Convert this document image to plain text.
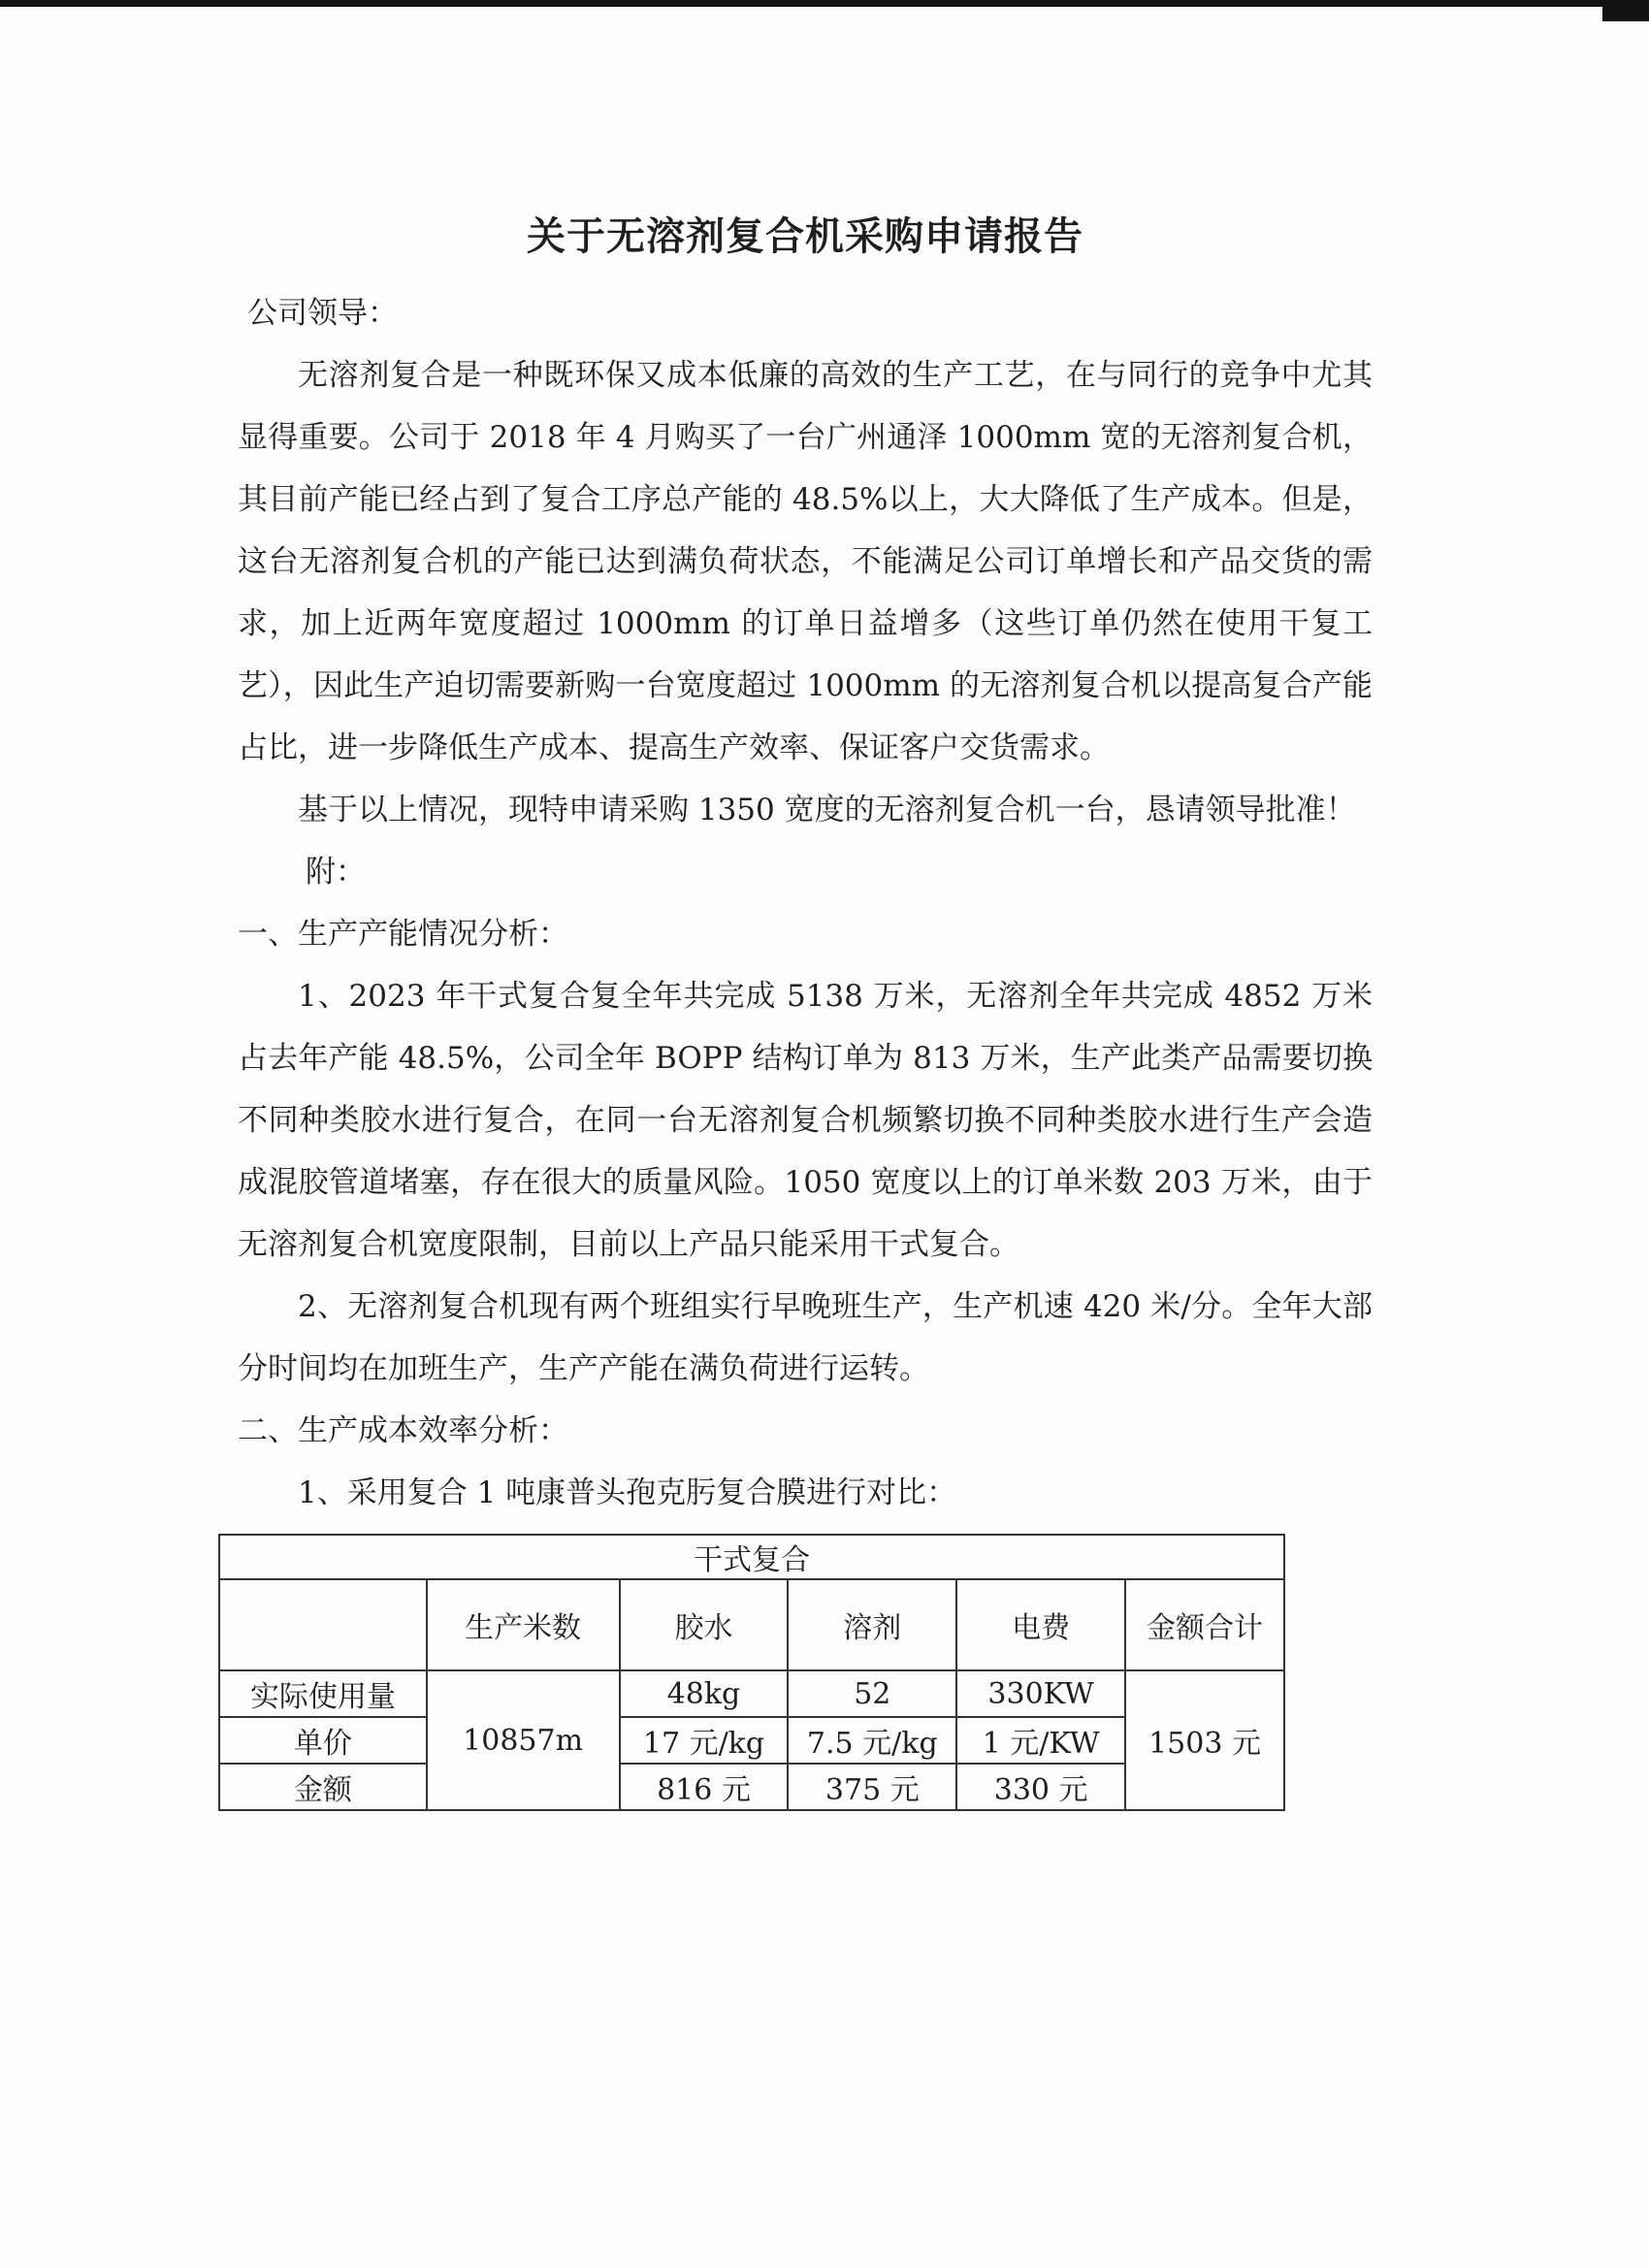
关于无溶剂复合机采购申请报告

公司领导：

无溶剂复合是一种既环保又成本低廉的高效的生产工艺，在与同行的竞争中尤其显得重要。公司于 2018 年 4 月购买了一台广州通泽 1000mm 宽的无溶剂复合机，其目前产能已经占到了复合工序总产能的 48.5%以上，大大降低了生产成本。但是，这台无溶剂复合机的产能已达到满负荷状态，不能满足公司订单增长和产品交货的需求，加上近两年宽度超过 1000mm 的订单日益增多（这些订单仍然在使用干复工艺），因此生产迫切需要新购一台宽度超过 1000mm 的无溶剂复合机以提高复合产能占比，进一步降低生产成本、提高生产效率、保证客户交货需求。

基于以上情况，现特申请采购 1350 宽度的无溶剂复合机一台，恳请领导批准！

附：

一、生产产能情况分析：

1、2023 年干式复合复全年共完成 5138 万米，无溶剂全年共完成 4852 万米占去年产能 48.5%，公司全年 BOPP 结构订单为 813 万米，生产此类产品需要切换不同种类胶水进行复合，在同一台无溶剂复合机频繁切换不同种类胶水进行生产会造成混胶管道堵塞，存在很大的质量风险。1050 宽度以上的订单米数 203 万米，由于无溶剂复合机宽度限制，目前以上产品只能采用干式复合。

2、无溶剂复合机现有两个班组实行早晚班生产，生产机速 420 米/分。全年大部分时间均在加班生产，生产产能在满负荷进行运转。

二、生产成本效率分析：

1、采用复合 1 吨康普头孢克肟复合膜进行对比：

干式复合					
	生产米数	胶水	溶剂	电费	金额合计
实际使用量	10857m	48kg	52	330KW	1503 元
单价		17 元/kg	7.5 元/kg	1 元/KW	
金额		816 元	375 元	330 元	
